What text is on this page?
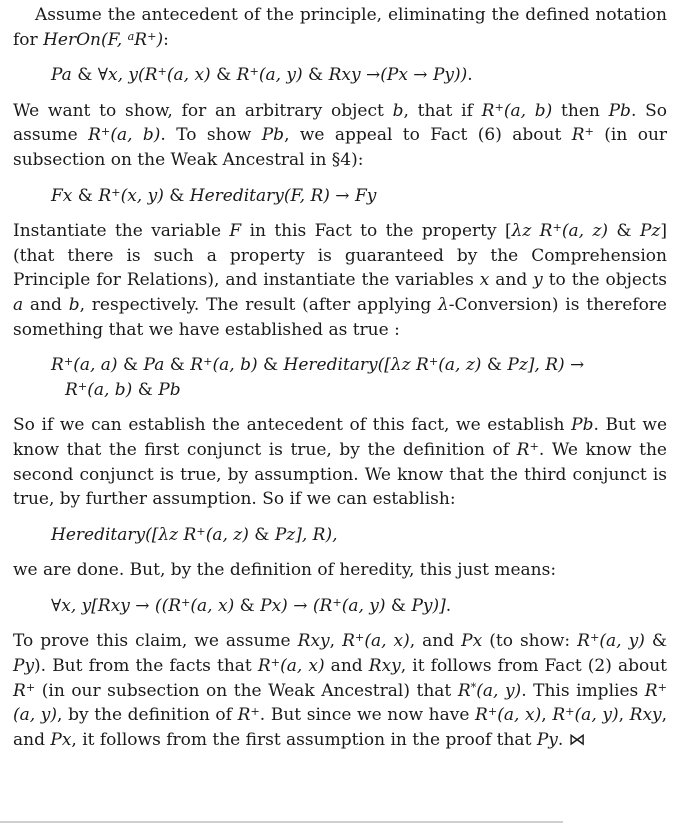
Assume the antecedent of the principle, eliminating the defined notation for HerOn(F, $^a$R+):

Pa & ∀x, y(R+(a, x) & R+(a, y) & Rxy →(Px → Py)).

We want to show, for an arbitrary object b, that if R+(a, b) then Pb. So assume R+(a, b). To show Pb, we appeal to Fact (6) about R+ (in our subsection on the Weak Ancestral in §4):

Fx & R+(x, y) & Hereditary(F, R) → Fy

Instantiate the variable F in this Fact to the property [λz R+(a, z) & Pz] (that there is such a property is guaranteed by the Comprehension Principle for Relations), and instantiate the variables x and y to the objects a and b, respectively. The result (after applying λ-Conversion) is therefore something that we have established as true :

R+(a, a) & Pa & R+(a, b) & Hereditary([λz R+(a, z) & Pz], R) →
R+(a, b) & Pb

So if we can establish the antecedent of this fact, we establish Pb. But we know that the first conjunct is true, by the definition of R+. We know the second conjunct is true, by assumption. We know that the third conjunct is true, by further assumption. So if we can establish:

Hereditary([λz R+(a, z) & Pz], R),

we are done. But, by the definition of heredity, this just means:

∀x, y[Rxy → ((R+(a, x) & Px) → (R+(a, y) & Py)].

To prove this claim, we assume Rxy, R+(a, x), and Px (to show: R+(a, y) & Py). But from the facts that R+(a, x) and Rxy, it follows from Fact (2) about R+ (in our subsection on the Weak Ancestral) that R*(a, y). This implies R+(a, y), by the definition of R+. But since we now have R+(a, x), R+(a, y), Rxy, and Px, it follows from the first assumption in the proof that Py. ⋈
